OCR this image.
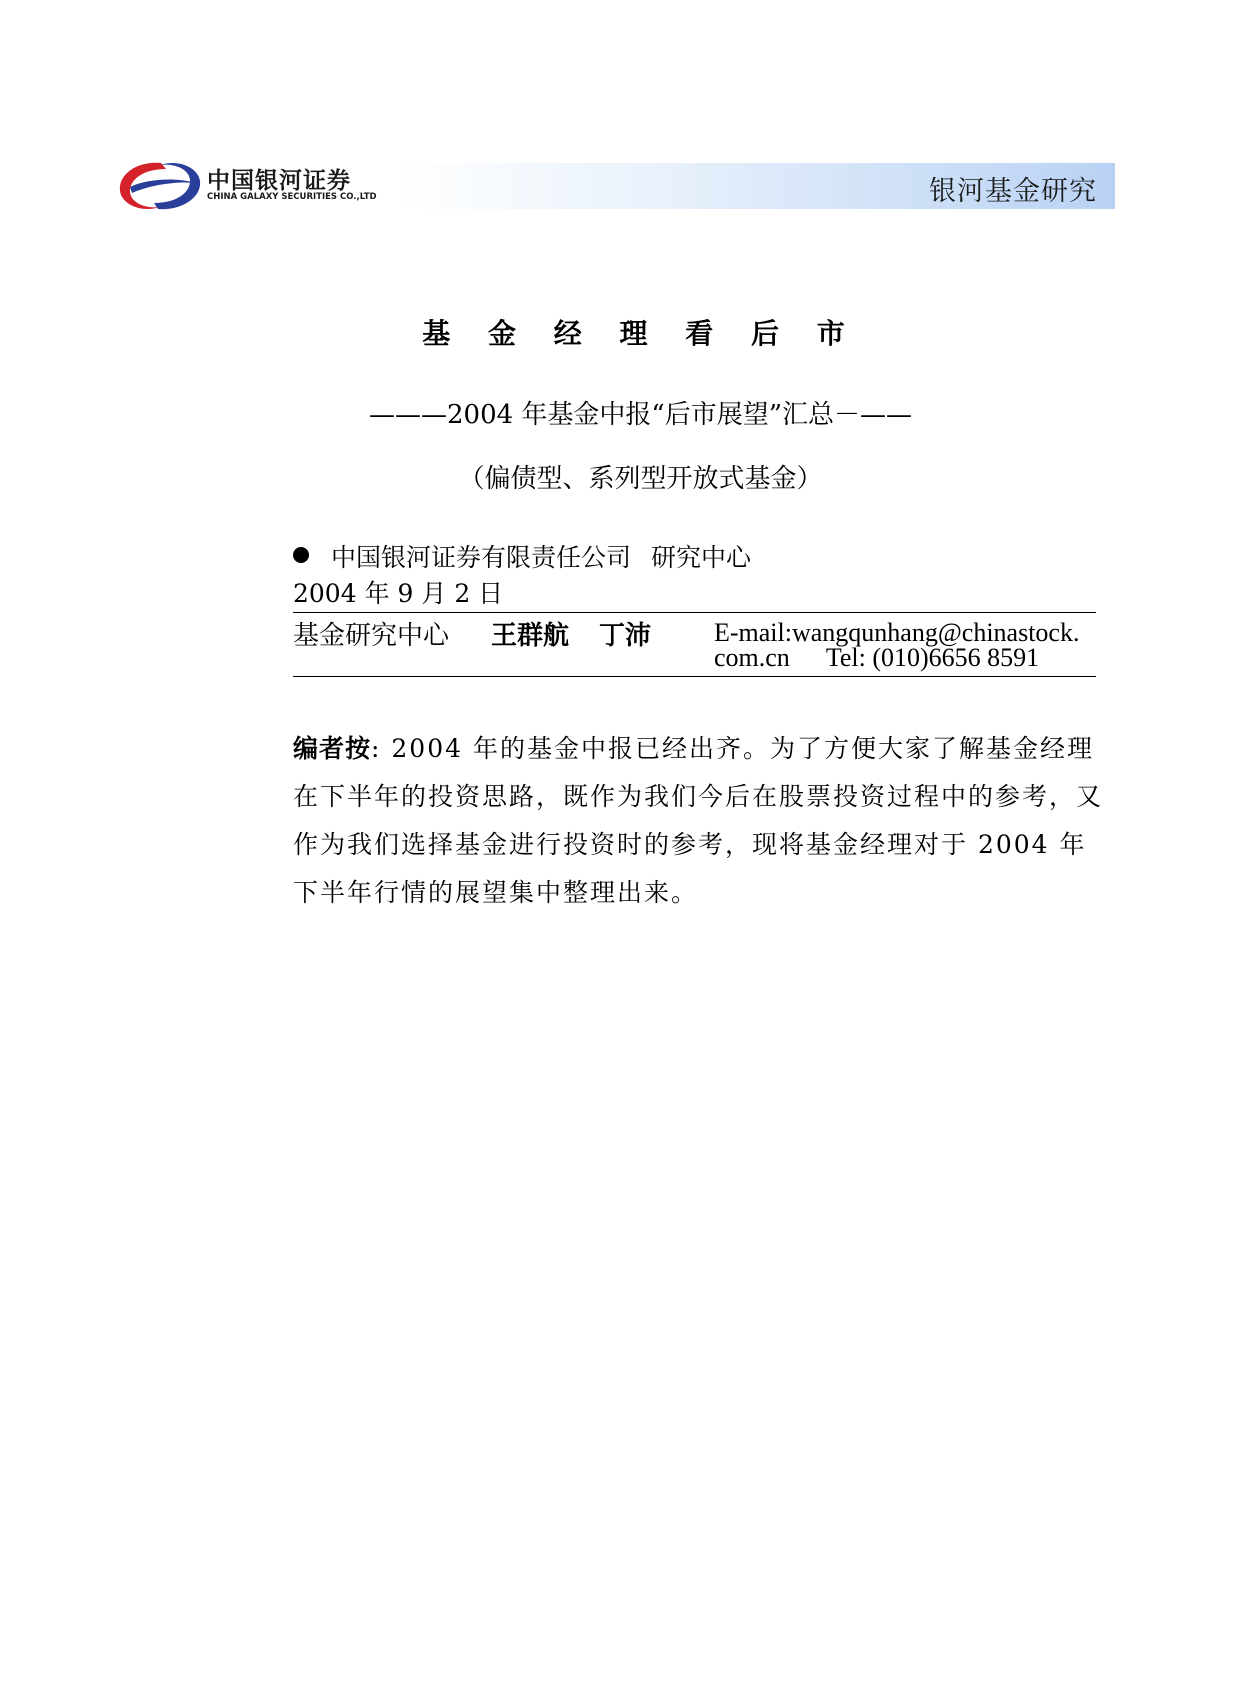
中国银河证券
CHINA GALAXY SECURITIES CO.,LTD	银河基金研究
基 金 经 理 看 后 市
———2004 年基金中报“后市展望”汇总－——
（偏债型、系列型开放式基金）
中国银河证券有限责任公司 研究中心
2004 年 9 月 2 日
基金研究中心 王群航 丁沛 E-mail:wangqunhang@chinastock.
com.cn Tel: (010)6656 8591
编者按: 2004 年的基金中报已经出齐。为了方便大家了解基金经理在下半年的投资思路，既作为我们今后在股票投资过程中的参考，又作为我们选择基金进行投资时的参考，现将基金经理对于 2004 年下半年行情的展望集中整理出来。
